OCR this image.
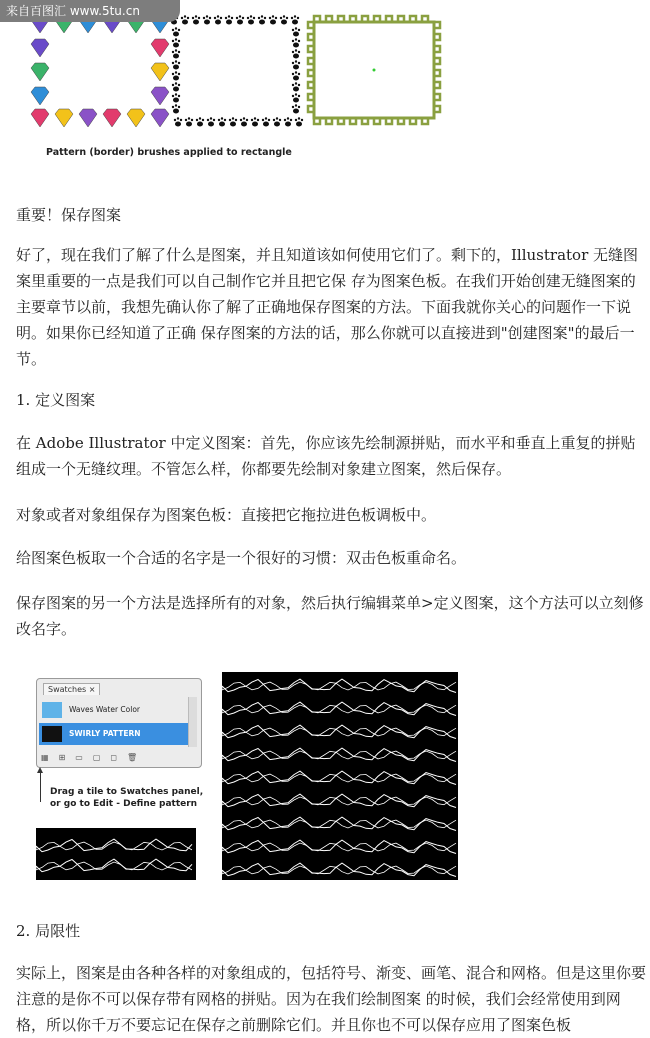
来自百图汇 www.5tu.cn
Pattern (border) brushes applied to rectangle

重要！保存图案

好了，现在我们了解了什么是图案，并且知道该如何使用它们了。剩下的，Illustrator 无缝图案里重要的一点是我们可以自己制作它并且把它保 存为图案色板。在我们开始创建无缝图案的主要章节以前，我想先确认你了解了正确地保存图案的方法。下面我就你关心的问题作一下说明。如果你已经知道了正确 保存图案的方法的话，那么你就可以直接进到"创建图案"的最后一节。

1. 定义图案

在 Adobe Illustrator 中定义图案：首先，你应该先绘制源拼贴，而水平和垂直上重复的拼贴组成一个无缝纹理。不管怎么样，你都要先绘制对象建立图案，然后保存。

对象或者对象组保存为图案色板：直接把它拖拉进色板调板中。

给图案色板取一个合适的名字是一个很好的习惯：双击色板重命名。

保存图案的另一个方法是选择所有的对象，然后执行编辑菜单>定义图案，这个方法可以立刻修改名字。

Swatches ×
Waves Water Color
SWIRLY PATTERN
▦⊞▭▢◻🗑
Drag a tile to Swatches panel,
or go to Edit - Define pattern

2. 局限性

实际上，图案是由各种各样的对象组成的，包括符号、渐变、画笔、混合和网格。但是这里你要注意的是你不可以保存带有网格的拼贴。因为在我们绘制图案 的时候，我们会经常使用到网格，所以你千万不要忘记在保存之前删除它们。并且你也不可以保存应用了图案色板
